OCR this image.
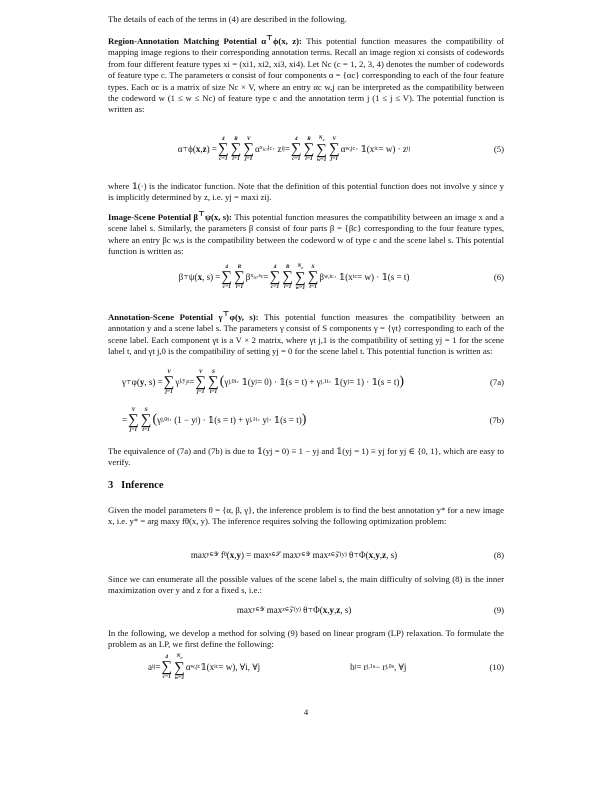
The details of each of the terms in (4) are described in the following.

Region-Annotation Matching Potential α⊤ϕ(x, z): This potential function measures the compatibility of mapping image regions to their corresponding annotation terms. Recall an image region xi consists of codewords from four different feature types xi = (xi1, xi2, xi3, xi4). Let Nc (c = 1, 2, 3, 4) denotes the number of codewords of feature type c. The parameters α consist of four components α = {αc} corresponding to each of the four feature types. Each αc is a matrix of size Nc × V, where an entry αc w,j can be interpreted as the compatibility between the codeword w (1 ≤ w ≤ Nc) of feature type c and the annotation term j (1 ≤ j ≤ V). The potential function is written as:

α ⊤ ϕ( x , z ) =
4
∑
c=1
R
∑
i=1
V
∑
j=1
α $x_{ic},j$ c · z ij =
4
∑
c=1
R
∑
i=1
$N_c$
∑
w=1
V
∑
j=1
α w,j c · 𝟙(x ic = w) · z ij	(5)

where 𝟙(·) is the indicator function. Note that the definition of this potential function does not involve y since y is implicitly determined by z, i.e. yj = maxi zij.

Image-Scene Potential β⊤ψ(x, s): This potential function measures the compatibility between an image x and a scene label s. Similarly, the parameters β consist of four parts β = {βc} corresponding to the four feature types, where an entry βc w,s is the compatibility between the codeword w of type c and the scene label s. This potential function is written as:

β ⊤ ψ( x , s) =
4
∑
c=1
R
∑
i=1
β $x_{ic},s$ c =
4
∑
c=1
R
∑
i=1
$N_c$
∑
w=1
S
∑
t=1
β w,t c · 𝟙(x ic = w) · 𝟙(s = t)	(6)

Annotation-Scene Potential γ⊤φ(y, s): This potential function measures the compatibility between an annotation y and a scene label s. The parameters γ consist of S components γ = {γt} corresponding to each of the scene label. Each component γt is a V × 2 matrix, where γt j,1 is the compatibility of setting yj = 1 for the scene label t, and γt j,0 is the compatibility of setting yj = 0 for the scene label t. This potential function is written as:

γ ⊤ φ( y , s) =
V
∑
j=1
γ $j,y_j$ s =
V
∑
j=1
S
∑
t=1
( γ j,0 t · 𝟙(y j = 0) · 𝟙(s = t) + γ j,1 t · 𝟙(y j = 1) · 𝟙(s = t) )	(7a)
=
V
∑
j=1
S
∑
t=1
( γ j,0 t · (1 − y j ) · 𝟙(s = t) + γ j,1 t · y j · 𝟙(s = t) )	(7b)

The equivalence of (7a) and (7b) is due to 𝟙(yj = 0) ≡ 1 − yj and 𝟙(yj = 1) ≡ yj for yj ∈ {0, 1}, which are easy to verify.

3 Inference

Given the model parameters θ = {α, β, γ}, the inference problem is to find the best annotation y* for a new image x, i.e. y* = arg maxy fθ(x, y). The inference requires solving the following optimization problem:

max y∈𝒴 f θ ( x , y ) = max s∈𝒮 max y∈𝒴 max z∈𝒵(y) θ ⊤ Φ( x , y , z , s)	(8)

Since we can enumerate all the possible values of the scene label s, the main difficulty of solving (8) is the inner maximization over y and z for a fixed s, i.e.:

max y∈𝒴 max z∈𝒵(y) θ ⊤ Φ( x , y , z , s)	(9)

In the following, we develop a method for solving (9) based on linear program (LP) relaxation. To formulate the problem as an LP, we first define the following:

a ij =
4
∑
c=1
$N_c$
∑
w=1
α w,j c 𝟙(x ic = w), ∀i, ∀j	b j = r j,1 s − r j,0 s , ∀j	(10)
4
